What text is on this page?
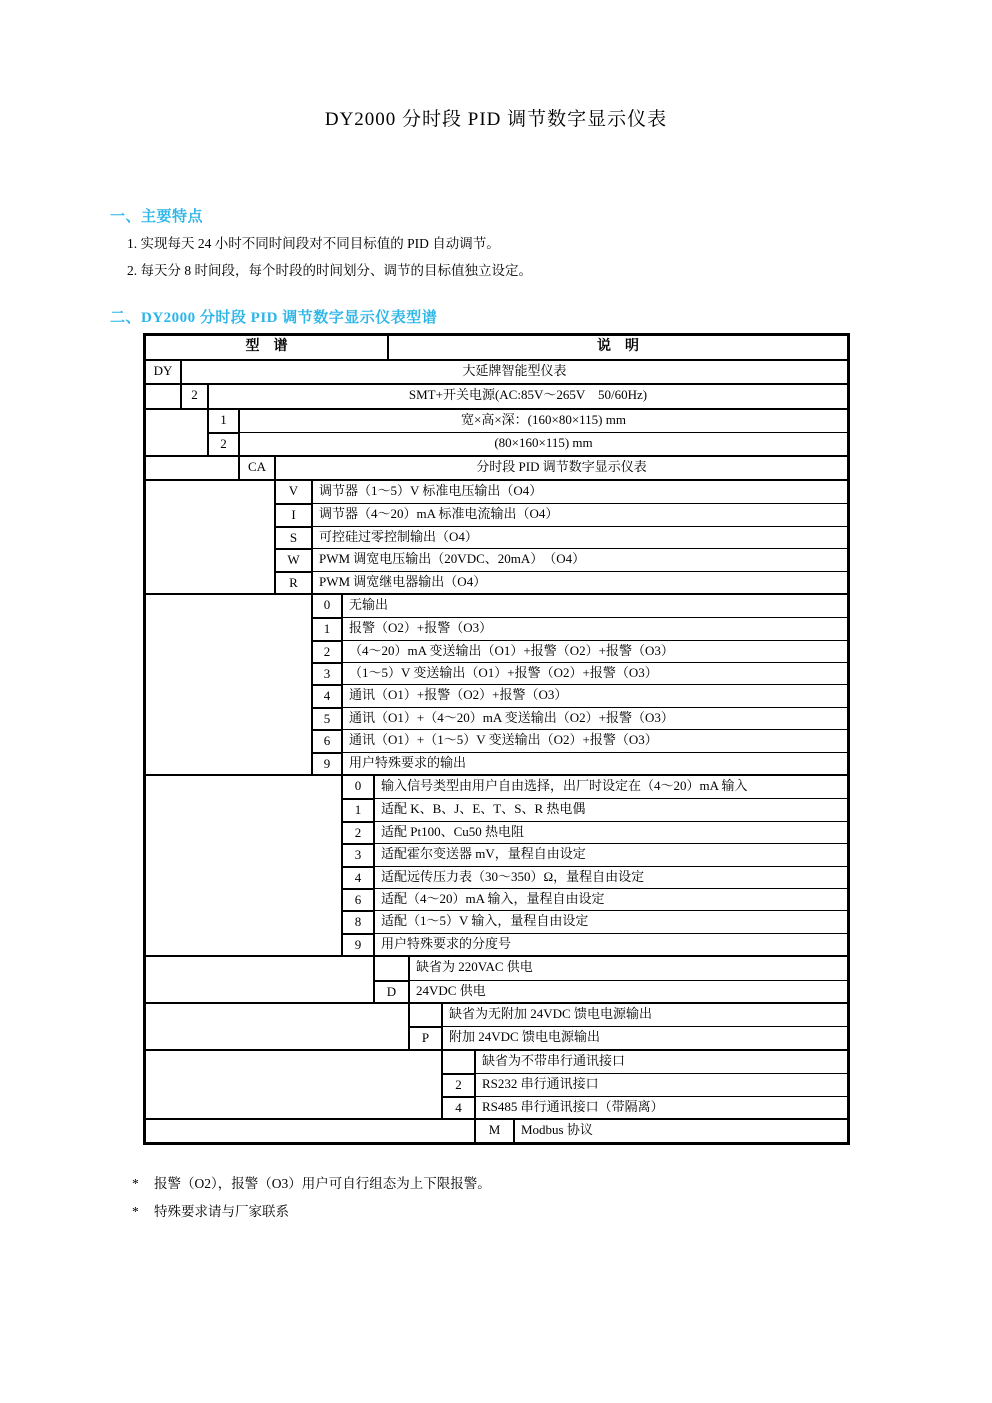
DY2000 分时段 PID 调节数字显示仪表
一、主要特点
1. 实现每天 24 小时不同时间段对不同目标值的 PID 自动调节。
2. 每天分 8 时间段，每个时段的时间划分、调节的目标值独立设定。
二、DY2000 分时段 PID 调节数字显示仪表型谱
型　谱	说　明
DY	大延牌智能型仪表
2	SMT+开关电源(AC:85V～265V　50/60Hz)
1	宽×高×深：(160×80×115) mm
2	(80×160×115) mm
CA	分时段 PID 调节数字显示仪表
V	调节器（1～5）V 标准电压输出（O4）
I	调节器（4～20）mA 标准电流输出（O4）
S	可控硅过零控制输出（O4）
W	PWM 调宽电压输出（20VDC、20mA）　（O4）
R	PWM 调宽继电器输出（O4）
0	无输出
1	报警（O2）+报警（O3）
2	（4～20）mA 变送输出（O1）+报警（O2）+报警（O3）
3	（1～5）V 变送输出（O1）+报警（O2）+报警（O3）
4	通讯（O1）+报警（O2）+报警（O3）
5	通讯（O1）+（4～20）mA 变送输出（O2）+报警（O3）
6	通讯（O1）+（1～5）V 变送输出（O2）+报警（O3）
9	用户特殊要求的输出
0	输入信号类型由用户自由选择，出厂时设定在（4～20）mA 输入
1	适配 K、B、J、E、T、S、R 热电偶
2	适配 Pt100、Cu50 热电阻
3	适配霍尔变送器 mV，量程自由设定
4	适配远传压力表（30～350）Ω，量程自由设定
6	适配（4～20）mA 输入，量程自由设定
8	适配（1～5）V 输入，量程自由设定
9	用户特殊要求的分度号
缺省为 220VAC 供电
D	24VDC 供电
缺省为无附加 24VDC 馈电电源输出
P	附加 24VDC 馈电电源输出
缺省为不带串行通讯接口
2	RS232 串行通讯接口
4	RS485 串行通讯接口（带隔离）
M	Modbus 协议
* 报警（O2），报警（O3）用户可自行组态为上下限报警。
* 特殊要求请与厂家联系
